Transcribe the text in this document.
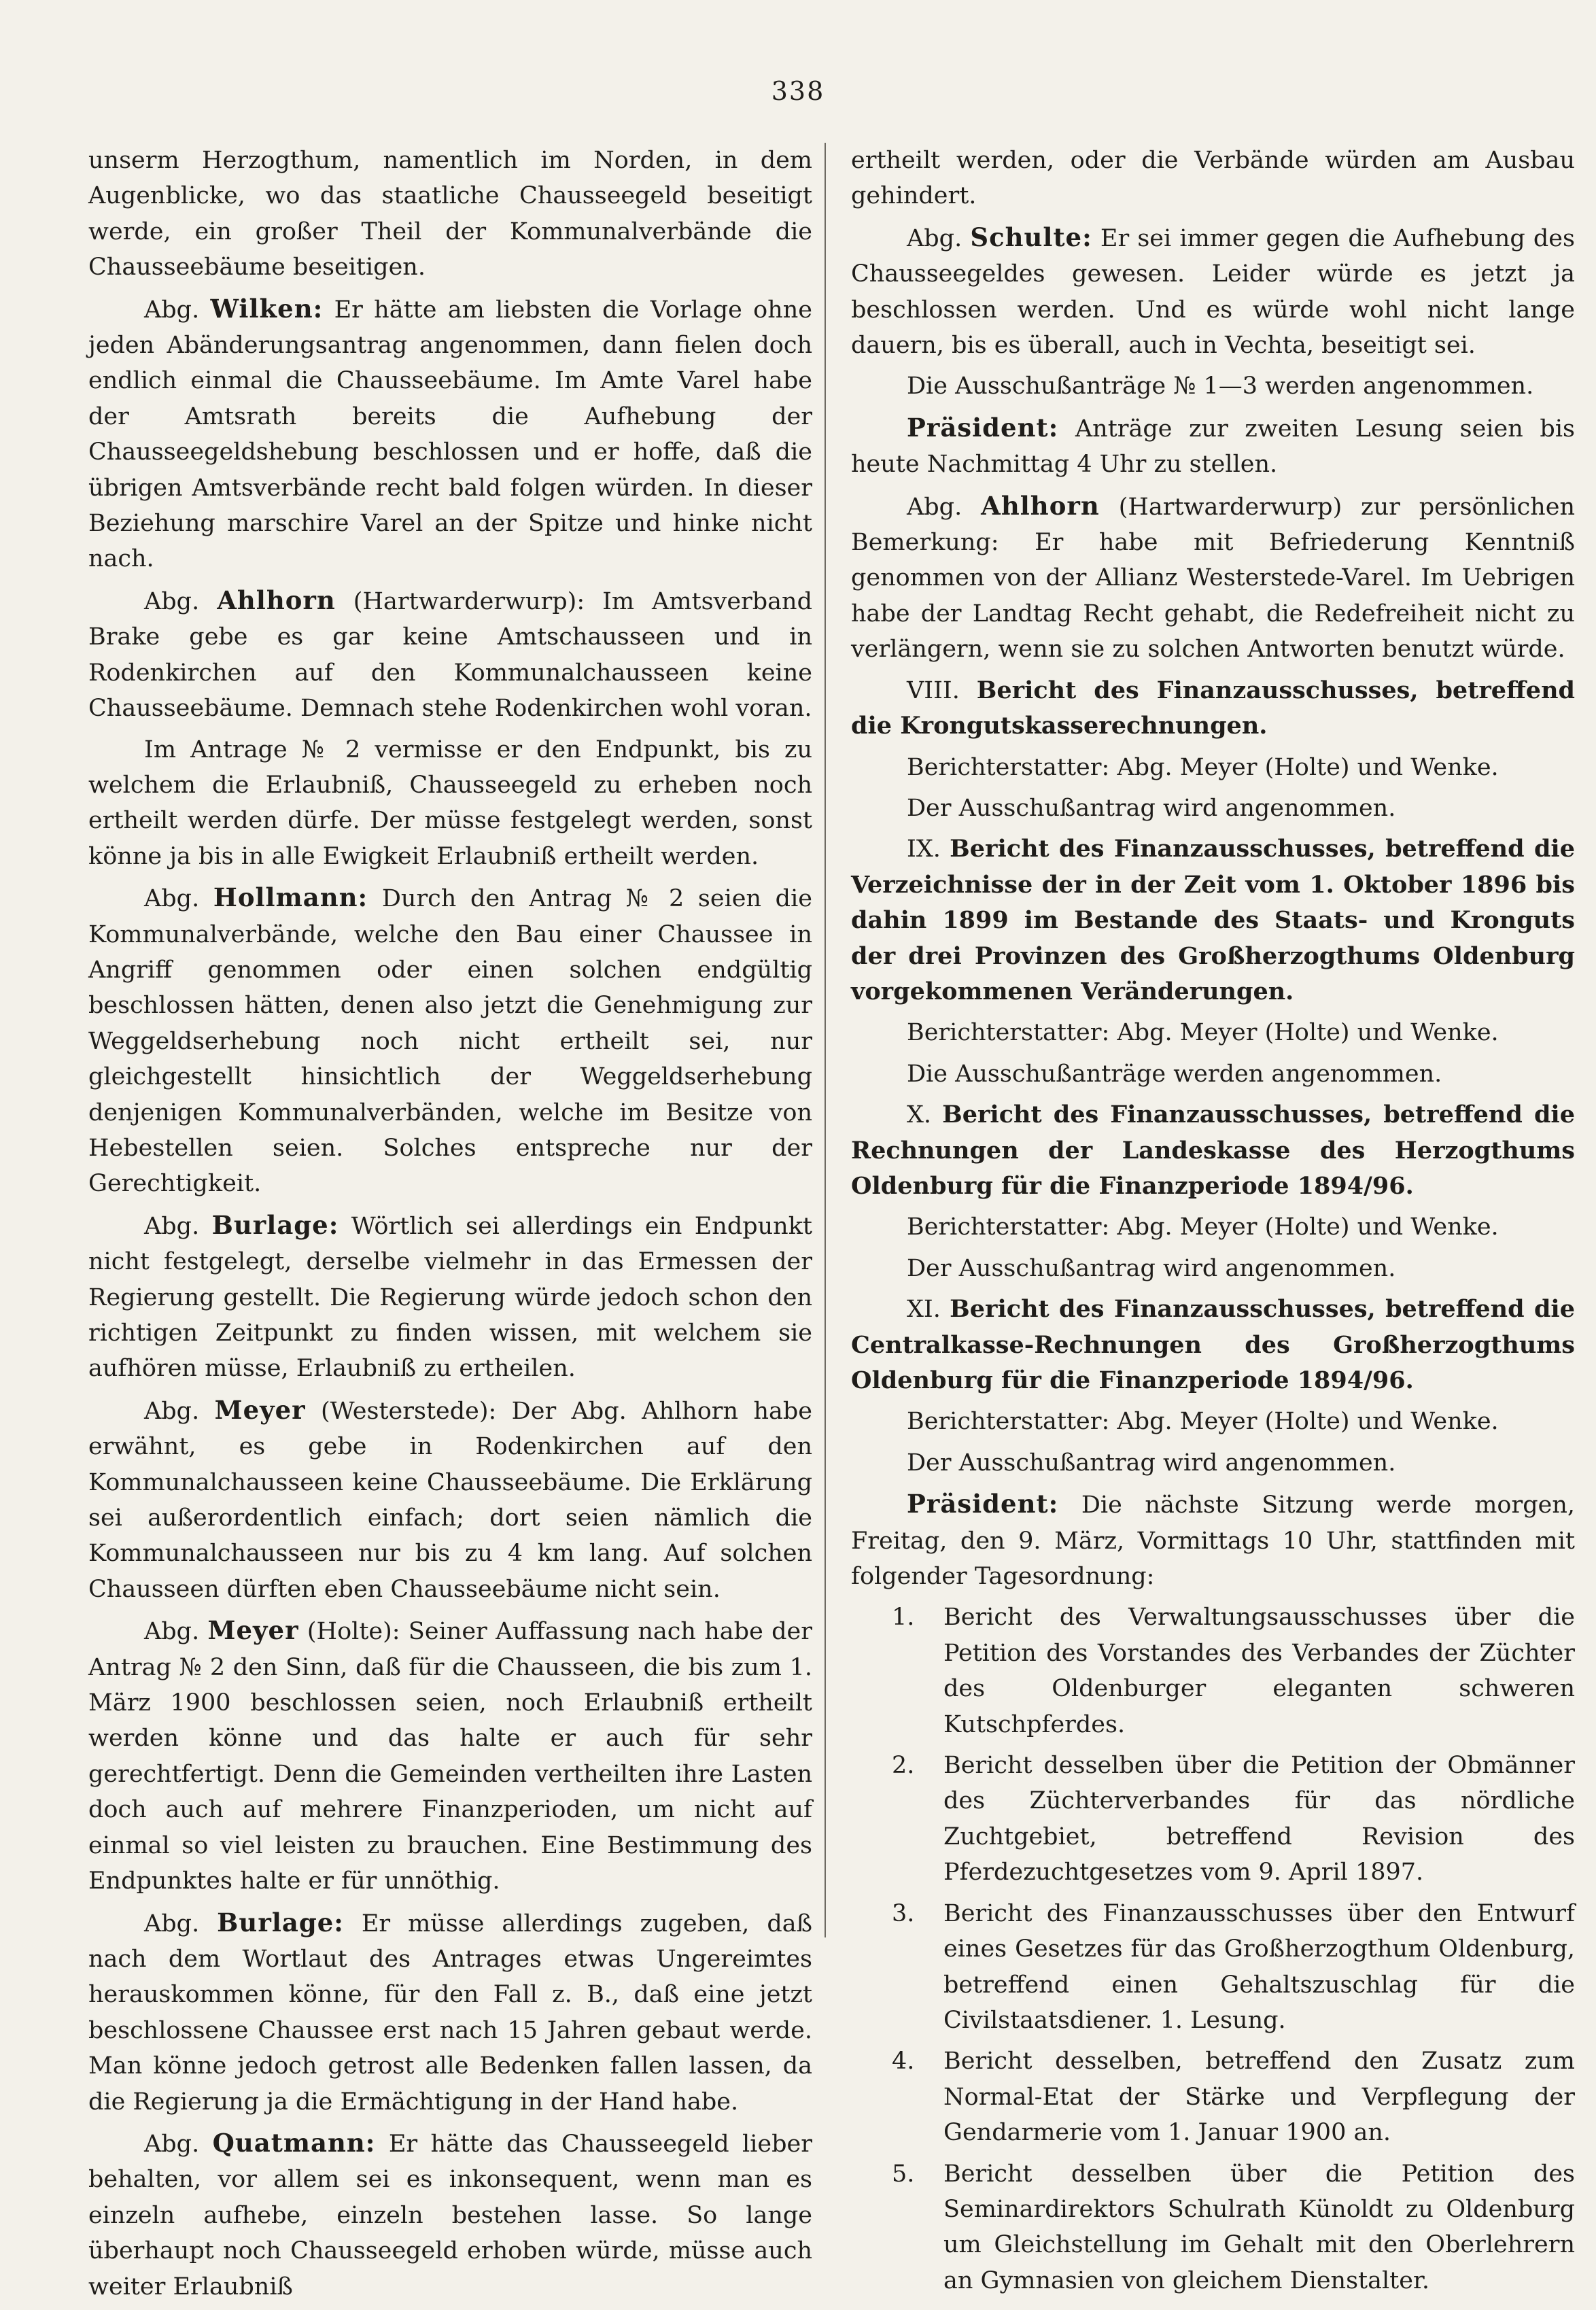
338

unserm Herzogthum, namentlich im Norden, in dem Augenblicke, wo das staatliche Chausseegeld beseitigt werde, ein großer Theil der Kommunalverbände die Chausseebäume beseitigen.

Abg. Wilken: Er hätte am liebsten die Vorlage ohne jeden Abänderungsantrag angenommen, dann fielen doch endlich einmal die Chausseebäume. Im Amte Varel habe der Amtsrath bereits die Aufhebung der Chausseegeldshebung beschlossen und er hoffe, daß die übrigen Amtsverbände recht bald folgen würden. In dieser Beziehung marschire Varel an der Spitze und hinke nicht nach.

Abg. Ahlhorn (Hartwarderwurp): Im Amtsverband Brake gebe es gar keine Amtschausseen und in Rodenkirchen auf den Kommunalchausseen keine Chausseebäume. Demnach stehe Rodenkirchen wohl voran.

Im Antrage № 2 vermisse er den Endpunkt, bis zu welchem die Erlaubniß, Chausseegeld zu erheben noch ertheilt werden dürfe. Der müsse festgelegt werden, sonst könne ja bis in alle Ewigkeit Erlaubniß ertheilt werden.

Abg. Hollmann: Durch den Antrag № 2 seien die Kommunalverbände, welche den Bau einer Chaussee in Angriff genommen oder einen solchen endgültig beschlossen hätten, denen also jetzt die Genehmigung zur Weggeldserhebung noch nicht ertheilt sei, nur gleichgestellt hinsichtlich der Weggeldserhebung denjenigen Kommunalverbänden, welche im Besitze von Hebestellen seien. Solches entspreche nur der Gerechtigkeit.

Abg. Burlage: Wörtlich sei allerdings ein Endpunkt nicht festgelegt, derselbe vielmehr in das Ermessen der Regierung gestellt. Die Regierung würde jedoch schon den richtigen Zeitpunkt zu finden wissen, mit welchem sie aufhören müsse, Erlaubniß zu ertheilen.

Abg. Meyer (Westerstede): Der Abg. Ahlhorn habe erwähnt, es gebe in Rodenkirchen auf den Kommunalchausseen keine Chausseebäume. Die Erklärung sei außerordentlich einfach; dort seien nämlich die Kommunalchausseen nur bis zu 4 km lang. Auf solchen Chausseen dürften eben Chausseebäume nicht sein.

Abg. Meyer (Holte): Seiner Auffassung nach habe der Antrag № 2 den Sinn, daß für die Chausseen, die bis zum 1. März 1900 beschlossen seien, noch Erlaubniß ertheilt werden könne und das halte er auch für sehr gerechtfertigt. Denn die Gemeinden vertheilten ihre Lasten doch auch auf mehrere Finanzperioden, um nicht auf einmal so viel leisten zu brauchen. Eine Bestimmung des Endpunktes halte er für unnöthig.

Abg. Burlage: Er müsse allerdings zugeben, daß nach dem Wortlaut des Antrages etwas Ungereimtes herauskommen könne, für den Fall z. B., daß eine jetzt beschlossene Chaussee erst nach 15 Jahren gebaut werde. Man könne jedoch getrost alle Bedenken fallen lassen, da die Regierung ja die Ermächtigung in der Hand habe.

Abg. Quatmann: Er hätte das Chausseegeld lieber behalten, vor allem sei es inkonsequent, wenn man es einzeln aufhebe, einzeln bestehen lasse. So lange überhaupt noch Chausseegeld erhoben würde, müsse auch weiter Erlaubniß

ertheilt werden, oder die Verbände würden am Ausbau gehindert.

Abg. Schulte: Er sei immer gegen die Aufhebung des Chausseegeldes gewesen. Leider würde es jetzt ja beschlossen werden. Und es würde wohl nicht lange dauern, bis es überall, auch in Vechta, beseitigt sei.

Die Ausschußanträge № 1—3 werden angenommen.

Präsident: Anträge zur zweiten Lesung seien bis heute Nachmittag 4 Uhr zu stellen.

Abg. Ahlhorn (Hartwarderwurp) zur persönlichen Bemerkung: Er habe mit Befriederung Kenntniß genommen von der Allianz Westerstede-Varel. Im Uebrigen habe der Landtag Recht gehabt, die Redefreiheit nicht zu verlängern, wenn sie zu solchen Antworten benutzt würde.

VIII. Bericht des Finanzausschusses, betreffend die Krongutskasserechnungen.

Berichterstatter: Abg. Meyer (Holte) und Wenke.

Der Ausschußantrag wird angenommen.

IX. Bericht des Finanzausschusses, betreffend die Verzeichnisse der in der Zeit vom 1. Oktober 1896 bis dahin 1899 im Bestande des Staats- und Kronguts der drei Provinzen des Großherzogthums Oldenburg vorgekommenen Veränderungen.

Berichterstatter: Abg. Meyer (Holte) und Wenke.

Die Ausschußanträge werden angenommen.

X. Bericht des Finanzausschusses, betreffend die Rechnungen der Landeskasse des Herzogthums Oldenburg für die Finanzperiode 1894/96.

Berichterstatter: Abg. Meyer (Holte) und Wenke.

Der Ausschußantrag wird angenommen.

XI. Bericht des Finanzausschusses, betreffend die Centralkasse-Rechnungen des Großherzogthums Oldenburg für die Finanzperiode 1894/96.

Berichterstatter: Abg. Meyer (Holte) und Wenke.

Der Ausschußantrag wird angenommen.

Präsident: Die nächste Sitzung werde morgen, Freitag, den 9. März, Vormittags 10 Uhr, stattfinden mit folgender Tagesordnung:

1. Bericht des Verwaltungsausschusses über die Petition des Vorstandes des Verbandes der Züchter des Oldenburger eleganten schweren Kutschpferdes.
2. Bericht desselben über die Petition der Obmänner des Züchterverbandes für das nördliche Zuchtgebiet, betreffend Revision des Pferdezuchtgesetzes vom 9. April 1897.
3. Bericht des Finanzausschusses über den Entwurf eines Gesetzes für das Großherzogthum Oldenburg, betreffend einen Gehaltszuschlag für die Civilstaatsdiener. 1. Lesung.
4. Bericht desselben, betreffend den Zusatz zum Normal-Etat der Stärke und Verpflegung der Gendarmerie vom 1. Januar 1900 an.
5. Bericht desselben über die Petition des Seminardirektors Schulrath Künoldt zu Oldenburg um Gleichstellung im Gehalt mit den Oberlehrern an Gymnasien von gleichem Dienstalter.
